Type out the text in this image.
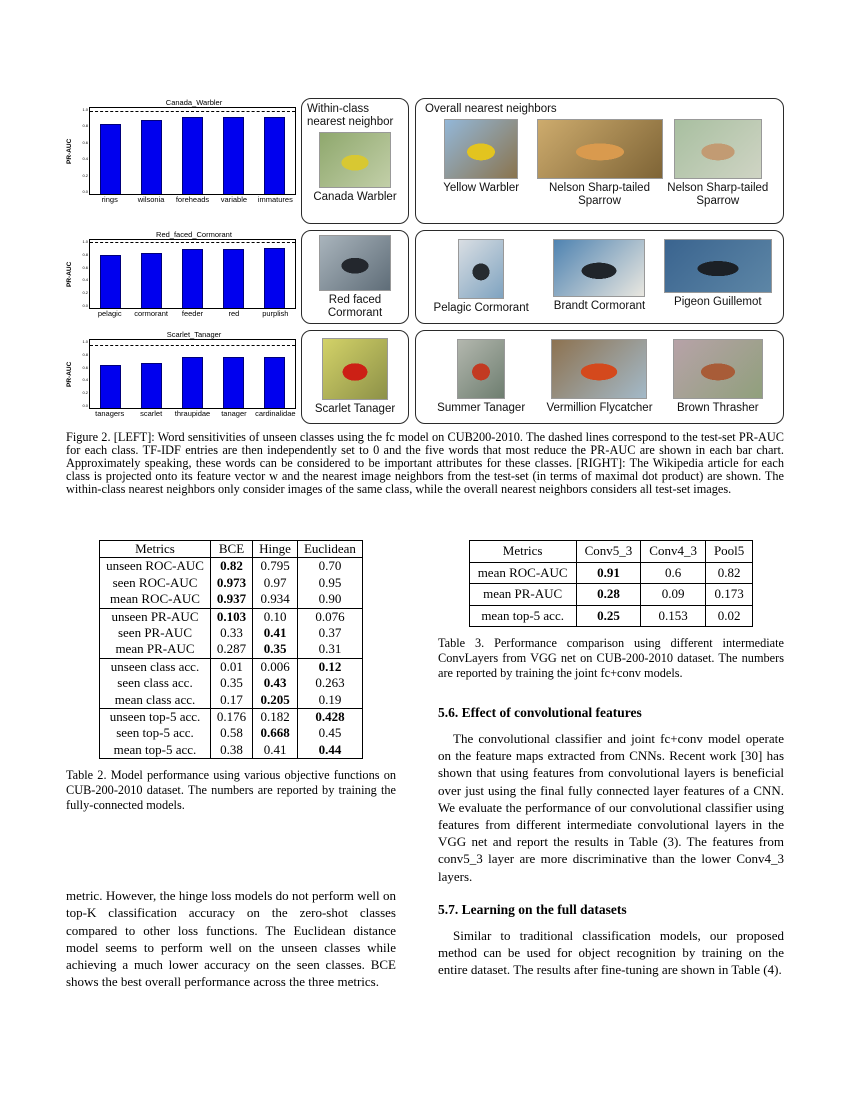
Canada_Warbler
PR-AUC
1.0
0.8
0.6
0.4
0.2
0.0
rings	wilsonia	foreheads	variable	immatures
Within-class nearest neighbor
Canada Warbler
Overall nearest neighbors
Yellow Warbler	Nelson Sharp-tailed Sparrow
Nelson Sharp-tailed Sparrow
Red_faced_Cormorant
PR-AUC
1.0
0.8
0.6
0.4
0.2
0.0
pelagic	cormorant	feeder	red	purplish
Red faced Cormorant	Pelagic Cormorant Brandt Cormorant	Pigeon Guillemot
Scarlet_Tanager
PR-AUC
1.0
0.8
0.6
0.4
0.2
0.0
tanagers	scarlet	thraupidae	tanager	cardinalidae Scarlet Tanager	Summer Tanager Vermillion Flycatcher Brown Thrasher
Figure 2. [LEFT]: Word sensitivities of unseen classes using the fc model on CUB200-2010. The dashed lines correspond to the test-set PR-AUC for each class. TF-IDF entries are then independently set to 0 and the five words that most reduce the PR-AUC are shown in each bar chart. Approximately speaking, these words can be considered to be important attributes for these classes. [RIGHT]: The Wikipedia article for each class is projected onto its feature vector w and the nearest image neighbors from the test-set (in terms of maximal dot product) are shown. The within-class nearest neighbors only consider images of the same class, while the overall nearest neighbors considers all test-set images.
Metrics	BCE	Hinge	Euclidean
unseen ROC-AUC	0.82	0.795	0.70
seen ROC-AUC	0.973	0.97	0.95
mean ROC-AUC	0.937	0.934	0.90
unseen PR-AUC	0.103	0.10	0.076
seen PR-AUC	0.33	0.41	0.37
mean PR-AUC	0.287	0.35	0.31
unseen class acc.	0.01	0.006	0.12
seen class acc.	0.35	0.43	0.263
mean class acc.	0.17	0.205	0.19
unseen top-5 acc.	0.176	0.182	0.428
seen top-5 acc.	0.58	0.668	0.45
mean top-5 acc.	0.38	0.41	0.44
Table 2. Model performance using various objective functions on CUB-200-2010 dataset. The numbers are reported by training the fully-connected models.
metric. However, the hinge loss models do not perform well on top-K classification accuracy on the zero-shot classes compared to other loss functions. The Euclidean distance model seems to perform well on the unseen classes while achieving a much lower accuracy on the seen classes. BCE shows the best overall performance across the three metrics.
Metrics	Conv5_3	Conv4_3	Pool5
mean ROC-AUC	0.91	0.6	0.82
mean PR-AUC	0.28	0.09	0.173
mean top-5 acc.	0.25	0.153	0.02
Table 3. Performance comparison using different intermediate ConvLayers from VGG net on CUB-200-2010 dataset. The numbers are reported by training the joint fc+conv models.
5.6. Effect of convolutional features
The convolutional classifier and joint fc+conv model operate on the feature maps extracted from CNNs. Recent work [30] has shown that using features from convolutional layers is beneficial over just using the final fully connected layer features of a CNN. We evaluate the performance of our convolutional classifier using features from different intermediate convolutional layers in the VGG net and report the results in Table (3). The features from conv5_3 layer are more discriminative than the lower Conv4_3 layers.
5.7. Learning on the full datasets
Similar to traditional classification models, our proposed method can be used for object recognition by training on the entire dataset. The results after fine-tuning are shown in Table (4).
